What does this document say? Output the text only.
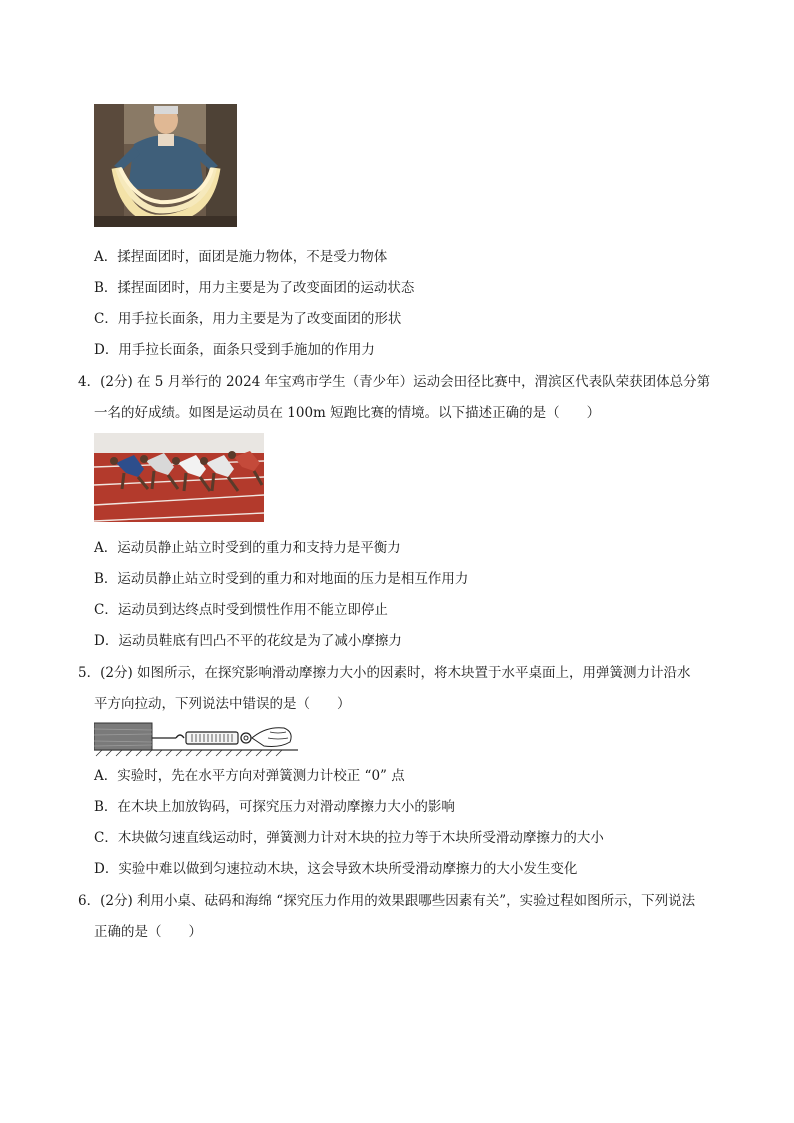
A．揉捏面团时，面团是施力物体，不是受力物体
B．揉捏面团时，用力主要是为了改变面团的运动状态
C．用手拉长面条，用力主要是为了改变面团的形状
D．用手拉长面条，面条只受到手施加的作用力
4．(2分) 在 5 月举行的 2024 年宝鸡市学生（青少年）运动会田径比赛中，渭滨区代表队荣获团体总分第
一名的好成绩。如图是运动员在 100m 短跑比赛的情境。以下描述正确的是（　　）
A．运动员静止站立时受到的重力和支持力是平衡力
B．运动员静止站立时受到的重力和对地面的压力是相互作用力
C．运动员到达终点时受到惯性作用不能立即停止
D．运动员鞋底有凹凸不平的花纹是为了减小摩擦力
5．(2分) 如图所示，在探究影响滑动摩擦力大小的因素时，将木块置于水平桌面上，用弹簧测力计沿水
平方向拉动，下列说法中错误的是（　　）
A．实验时，先在水平方向对弹簧测力计校正 “0” 点
B．在木块上加放钩码，可探究压力对滑动摩擦力大小的影响
C．木块做匀速直线运动时，弹簧测力计对木块的拉力等于木块所受滑动摩擦力的大小
D．实验中难以做到匀速拉动木块，这会导致木块所受滑动摩擦力的大小发生变化
6．(2分) 利用小桌、砝码和海绵 “探究压力作用的效果跟哪些因素有关”，实验过程如图所示，下列说法
正确的是（　　）
